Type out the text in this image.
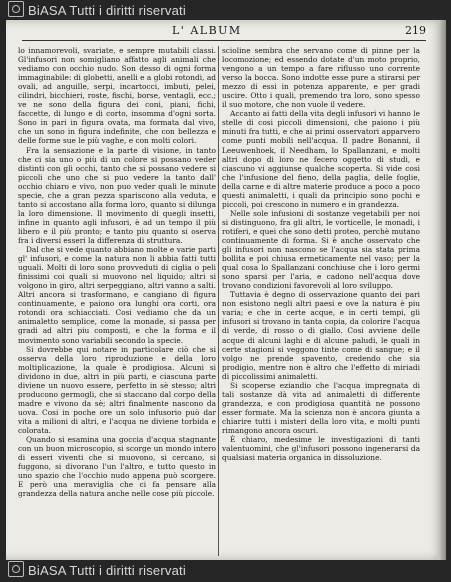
BiASA Tutti i diritti riservati
L' ALBUM	219

lo innamorevoli, svariate, e sempre mutabili classi. Gl'infusori non somigliano affatto agli animali che vediamo con occhio nudo. Son desso di ogni forma immaginabile: di globetti, anelli e a globi rotondi, ad ovali, ad anguille, serpi, incartocci, imbuti, pelei, cilindri, bicchieri, roste, fischi, borse, ventagli, ecc.; ve ne sono della figura dei coni, piani, fichi, faccette, di lungo e di corto, insomma d'ogni sorta. Sono in pari in figura ovata, ma formata dal vivo, che un sono in figura indefinite, che con bellezza e delle forme sue le più vaghe, e con molti colori.

Fra la sensazione e la parte di visione, in tanto che ci sia uno o più di un colore si possano veder distinti con gli occhi, tanto che si possano vedere si piccoli che uno che si puo vedere la tanto dall' occhio chiaro e vivo, non puo veder quali le minute specie, che a gran pezza spariscono alla veduta, e tanto si accostano alla forma loro, quanto si dilunga la loro dimensione. Il movimento di quegli insetti, infine in quanto agli infusori, è ad un tempo il più libero e il più pronto; e tanto piu quanto si oserva fra i diversi esseri la differenza di struttura.

Dal che si vede quanto abbiano molte e varie parti gl' infusori, e come la natura non li abbia fatti tutti uguali. Molti di loro sono provveduti di ciglia o peli finissimi coi quali si muovono nel liquido; altri si volgono in giro, altri serpeggiano, altri vanno a salti. Altri ancora si trasformano, e cangiano di figura continuamente, e paiono ora lunghi ora corti, ora rotondi ora schiacciati. Cosi vediamo che da un animaletto semplice, come la monade, si passa per gradi ad altri piu composti, e che la forma e il movimento sono variabili secondo la specie.

Si dovrebbe qui notare in particolare ciò che si osserva della loro riproduzione e della loro moltiplicazione, la quale è prodigiosa. Alcuni si dividono in due, altri in più parti, e ciascuna parte diviene un nuovo essere, perfetto in sè stesso; altri producono germogli, che si staccano dal corpo della madre e vivono da sè; altri finalmente nascono da uova. Cosi in poche ore un solo infusorio può dar vita a milioni di altri, e l'acqua ne diviene torbida e colorata.

Quando si esamina una goccia d'acqua stagnante con un buon microscopio, si scorge un mondo intero di esseri viventi che si muovono, si cercano, si fuggono, si divorano l'un l'altro, e tutto questo in uno spazio che l'occhio nudo appena può scorgere. E però una meraviglia che ci fa pensare alla grandezza della natura anche nelle cose più piccole.

scioline sembra che servano come di pinne per la locomozione; ed essendo dotate d'un moto proprio, vengono a un tempo a fare riflusso uno corrente verso la bocca. Sono indotte esse pure a stirarsi per mezzo di essi in potenza apparente, e per gradi uscire. Otto i quali, premendo tra loro, sono spesso il suo motore, che non vuole il vedere.

Accanto ai fatti della vita degli infusori vi hanno le stelle di cosi piccoli dimensioni, che paiono i più minuti fra tutti, e che ai primi osservatori apparvero come punti mobili nell'acqua. Il padre Bonanni, il Leeuwenhoek, il Needham, lo Spallanzani, e molti altri dopo di loro ne fecero oggetto di studi, e ciascuno vi aggiunse qualche scoperta. Si vide cosi che l'infusione del fieno, della paglia, delle foglie, della carne e di altre materie produce a poco a poco questi animaletti, i quali da principio sono pochi e piccoli, poi crescono in numero e in grandezza.

Nelle sole infusioni di sostanze vegetabili per noi si distinguono, fra gli altri, le vorticelle, le monadi, i rotiferi, e quei che sono detti proteo, perchè mutano continuamente di forma. Si è anche osservato che gli infusori non nascono se l'acqua sia stata prima bollita e poi chiusa ermeticamente nel vaso; per la qual cosa lo Spallanzani conchiuse che i loro germi sono sparsi per l'aria, e cadono nell'acqua dove trovano condizioni favorevoli al loro sviluppo.

Tuttavia è degno di osservazione quanto dei pari non esistono negli altri paesi e ove la natura è piu varia; e che in certe acque, e in certi tempi, gli infusori si trovano in tanta copia, da colorire l'acqua di verde, di rosso o di giallo. Cosi avviene delle acque di alcuni laghi e di alcune paludi, le quali in certe stagioni si veggono tinte come di sangue; e il volgo ne prende spavento, credendo che sia prodigio, mentre non è altro che l'effetto di miriadi di piccolissimi animaletti.

Si scoperse eziandio che l'acqua impregnata di tali sostanze dà vita ad animaletti di differente grandezza, e con prodigiosa quantità ne possono esser formate. Ma la scienza non è ancora giunta a chiarire tutti i misteri della loro vita, e molti punti rimangono ancora oscuri.

È chiaro, medesime le investigazioni di tanti valentuomini, che gl'infusori possono ingenerarsi da qualsiasi materia organica in dissoluzione.

BiASA Tutti i diritti riservati
